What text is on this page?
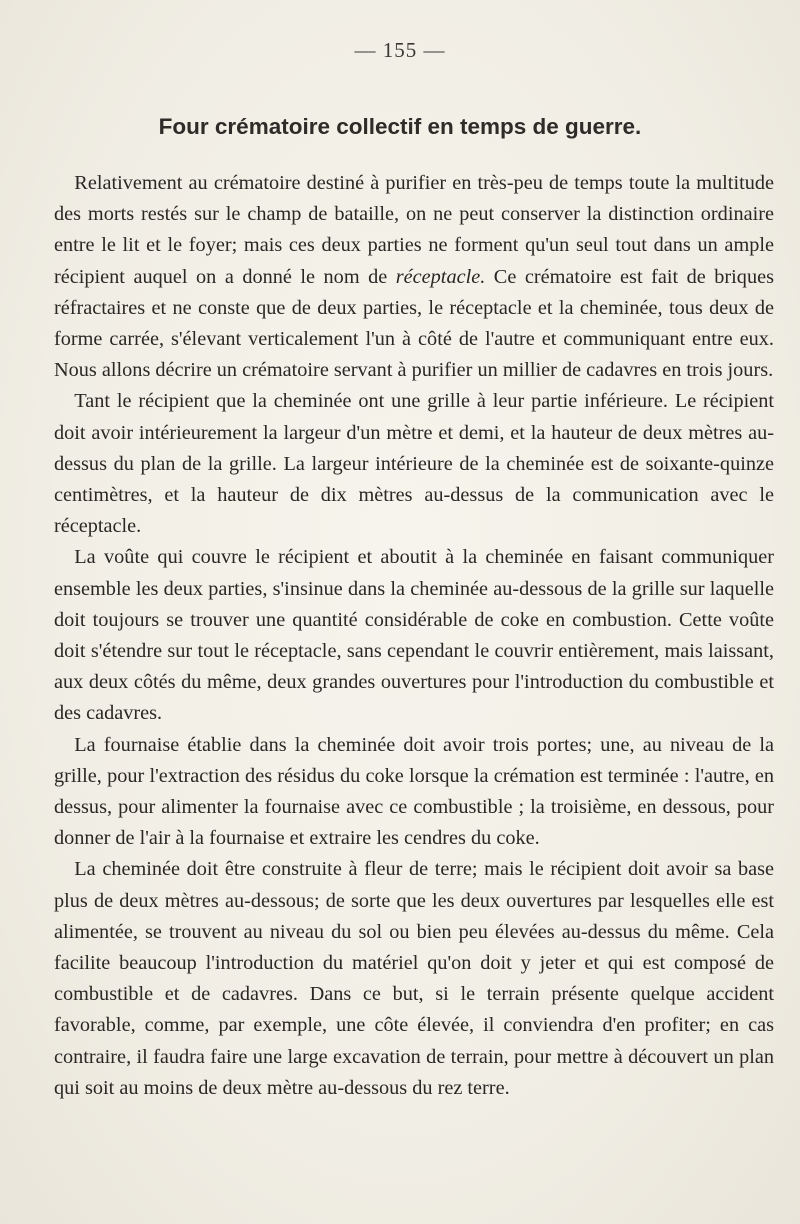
— 155 —
Four crématoire collectif en temps de guerre.

Relativement au crématoire destiné à purifier en très-peu de temps toute la multitude des morts restés sur le champ de bataille, on ne peut conserver la distinction ordinaire entre le lit et le foyer; mais ces deux parties ne forment qu'un seul tout dans un ample récipient auquel on a donné le nom de réceptacle. Ce crématoire est fait de briques réfractaires et ne conste que de deux parties, le réceptacle et la cheminée, tous deux de forme carrée, s'élevant verticalement l'un à côté de l'autre et communiquant entre eux. Nous allons décrire un crématoire servant à purifier un millier de cadavres en trois jours.

Tant le récipient que la cheminée ont une grille à leur partie inférieure. Le récipient doit avoir intérieurement la largeur d'un mètre et demi, et la hauteur de deux mètres au-dessus du plan de la grille. La largeur intérieure de la cheminée est de soixante-quinze centimètres, et la hauteur de dix mètres au-dessus de la communication avec le réceptacle.

La voûte qui couvre le récipient et aboutit à la cheminée en faisant communiquer ensemble les deux parties, s'insinue dans la cheminée au-dessous de la grille sur laquelle doit toujours se trouver une quantité considérable de coke en combustion. Cette voûte doit s'étendre sur tout le réceptacle, sans cependant le couvrir entièrement, mais laissant, aux deux côtés du même, deux grandes ouvertures pour l'introduction du combustible et des cadavres.

La fournaise établie dans la cheminée doit avoir trois portes; une, au niveau de la grille, pour l'extraction des résidus du coke lorsque la crémation est terminée : l'autre, en dessus, pour alimenter la fournaise avec ce combustible ; la troisième, en dessous, pour donner de l'air à la fournaise et extraire les cendres du coke.

La cheminée doit être construite à fleur de terre; mais le récipient doit avoir sa base plus de deux mètres au-dessous; de sorte que les deux ouvertures par lesquelles elle est alimentée, se trouvent au niveau du sol ou bien peu élevées au-dessus du même. Cela facilite beaucoup l'introduction du matériel qu'on doit y jeter et qui est composé de combustible et de cadavres. Dans ce but, si le terrain présente quelque accident favorable, comme, par exemple, une côte élevée, il conviendra d'en profiter; en cas contraire, il faudra faire une large excavation de terrain, pour mettre à découvert un plan qui soit au moins de deux mètre au-dessous du rez terre.
